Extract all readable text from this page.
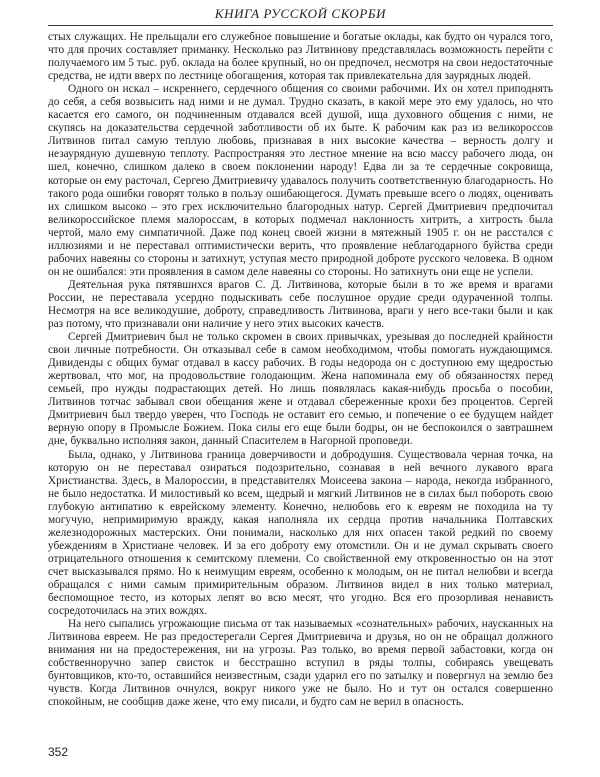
КНИГА РУССКОЙ СКОРБИ

стых служащих. Не прельщали его служебное повышение и богатые оклады, как будто он чурался того, что для прочих составляет приманку. Несколько раз Литвинову представлялась возможность перейти с получаемого им 5 тыс. руб. оклада на более крупный, но он предпочел, несмотря на свои недостаточные средства, не идти вверх по лестнице обогащения, которая так привлекательна для заурядных людей.

Одного он искал – искреннего, сердечного общения со своими рабочими. Их он хотел приподнять до себя, а себя возвысить над ними и не думал. Трудно сказать, в какой мере это ему удалось, но что касается его самого, он подчиненным отдавался всей душой, ища духовного общения с ними, не скупясь на доказательства сердечной заботливости об их быте. К рабочим как раз из великороссов Литвинов питал самую теплую любовь, признавая в них высокие качества – верность долгу и незаурядную душевную теплоту. Распространяя это лестное мнение на всю массу рабочего люда, он шел, конечно, слишком далеко в своем поклонении народу! Едва ли за те сердечные сокровища, которые он ему расточал, Сергею Дмитриевичу удавалось получить соответственную благодарность. Но такого рода ошибки говорят только в пользу ошибающегося. Думать превыше всего о людях, оценивать их слишком высоко – это грех исключительно благородных натур. Сергей Дмитриевич предпочитал великороссийское племя малороссам, в которых подмечал наклонность хитрить, а хитрость была чертой, мало ему симпатичной. Даже под конец своей жизни в мятежный 1905 г. он не расстался с иллюзиями и не переставал оптимистически верить, что проявление неблагодарного буйства среди рабочих навеяны со стороны и затихнут, уступая место природной доброте русского человека. В одном он не ошибался: эти проявления в самом деле навеяны со стороны. Но затихнуть они еще не успели.

Деятельная рука пятявшихся врагов С. Д. Литвинова, которые были в то же время и врагами России, не переставала усердно подыскивать себе послушное орудие среди одураченной толпы. Несмотря на все великодушие, доброту, справедливость Литвинова, враги у него все-таки были и как раз потому, что признавали они наличие у него этих высоких качеств.

Сергей Дмитриевич был не только скромен в своих привычках, урезывая до последней крайности свои личные потребности. Он отказывал себе в самом необходимом, чтобы помогать нуждающимся. Дивиденды с общих бумаг отдавал в кассу рабочих. В годы недорода он с доступною ему щедростью жертвовал, что мог, на продовольствие голодающим. Жена напоминала ему об обязанностях перед семьей, про нужды подрастающих детей. Но лишь появлялась какая-нибудь просьба о пособии, Литвинов тотчас забывал свои обещания жене и отдавал сбереженные крохи без процентов. Сергей Дмитриевич был твердо уверен, что Господь не оставит его семью, и попечение о ее будущем найдет верную опору в Промысле Божием. Пока силы его еще были бодры, он не беспокоился о завтрашнем дне, буквально исполняя закон, данный Спасителем в Нагорной проповеди.

Была, однако, у Литвинова граница доверчивости и добродушия. Существовала черная точка, на которую он не переставал озираться подозрительно, сознавая в ней вечного лукавого врага Христианства. Здесь, в Малороссии, в представителях Моисеева закона – народа, некогда избранного, не было недостатка. И милостивый ко всем, щедрый и мягкий Литвинов не в силах был побороть свою глубокую антипатию к еврейскому элементу. Конечно, нелюбовь его к евреям не походила на ту могучую, непримиримую вражду, какая наполняла их сердца против начальника Полтавских железнодорожных мастерских. Они понимали, насколько для них опасен такой редкий по своему убеждениям в Христиане человек. И за его доброту ему отомстили. Он и не думал скрывать своего отрицательного отношения к семитскому племени. Со свойственной ему откровенностью он на этот счет высказывался прямо. Но к неимущим евреям, особенно к молодым, он не питал нелюбви и всегда обращался с ними самым примирительным образом. Литвинов видел в них только материал, беспомощное тесто, из которых лепят во всю месят, что угодно. Вся его прозорливая ненависть сосредоточилась на этих вождях.

На него сыпались угрожающие письма от так называемых «сознательных» рабочих, наусканных на Литвинова евреем. Не раз предостерегали Сергея Дмитриевича и друзья, но он не обращал должного внимания ни на предостережения, ни на угрозы. Раз только, во время первой забастовки, когда он собственноручно запер свисток и бесстрашно вступил в ряды толпы, собираясь увещевать бунтовщиков, кто-то, оставшийся неизвестным, сзади ударил его по затылку и повергнул на землю без чувств. Когда Литвинов очнулся, вокруг никого уже не было. Но и тут он остался совершенно спокойным, не сообщив даже жене, что ему писали, и будто сам не верил в опасность.

352
